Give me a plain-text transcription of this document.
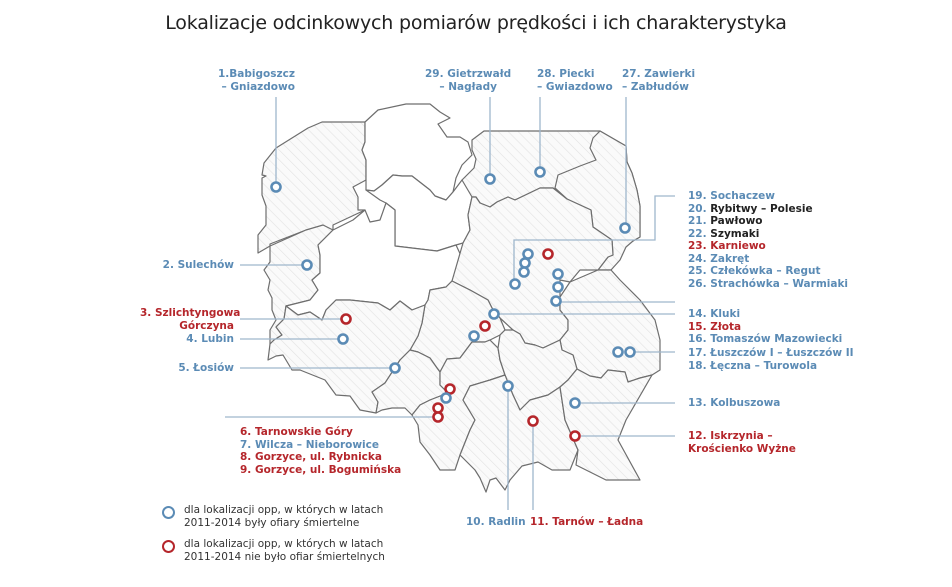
Lokalizacje odcinkowych pomiarów prędkości i ich charakterystyka
1.Babigoszcz
– Gniazdowo
29. Gietrzwałd
– Nagłady
28. Piecki
– Gwiazdowo
27. Zawierki
– Zabłudów
2. Sulechów
3. Szlichtyngowa
Górczyna
4. Lubin
5. Łosiów
6. Tarnowskie Góry
7. Wilcza – Nieborowice
8. Gorzyce, ul. Rybnicka
9. Gorzyce, ul. Bogumińska
10. Radlin 11. Tarnów – Ładna
12. Iskrzynia –
Krościenko Wyżne
13. Kolbuszowa
14. Kluki
15. Złota
16. Tomaszów Mazowiecki
17. Łuszczów I – Łuszczów II
18. Łęczna – Turowola
19. Sochaczew
20. Rybitwy – Polesie
21. Pawłowo
22. Szymaki
23. Karniewo
24. Zakręt
25. Człekówka – Regut
26. Strachówka – Warmiaki
dla lokalizacji opp, w których w latach
2011-2014 były ofiary śmiertelne
dla lokalizacji opp, w których w latach
2011-2014 nie było ofiar śmiertelnych
